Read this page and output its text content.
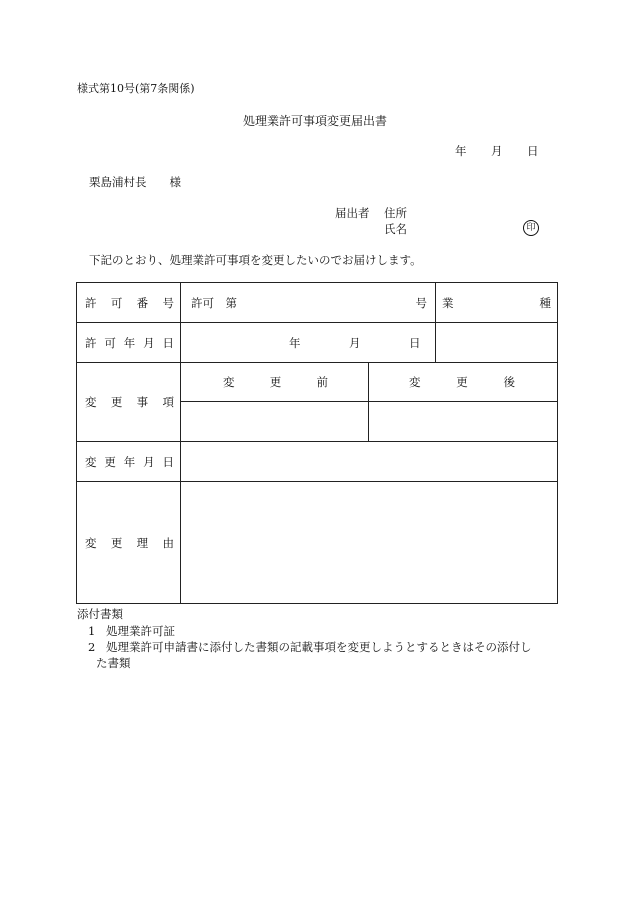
様式第10号(第7条関係)
処理業許可事項変更届出書
年 月 日
栗島浦村長　　様
届出者 住所
氏名	印
下記のとおり、処理業許可事項を変更したいのでお届けします。
許 可 番 号	許可　第 号		業 種

許 可 年 月 日	年 月 日		

変 更 事 項	変 更 前	変 更 後	

変 更 年 月 日			

変 更 理 由			

添付書類
1 処理業許可証
2 処理業許可申請書に添付した書類の記載事項を変更しようとするときはその添付し
た書類
